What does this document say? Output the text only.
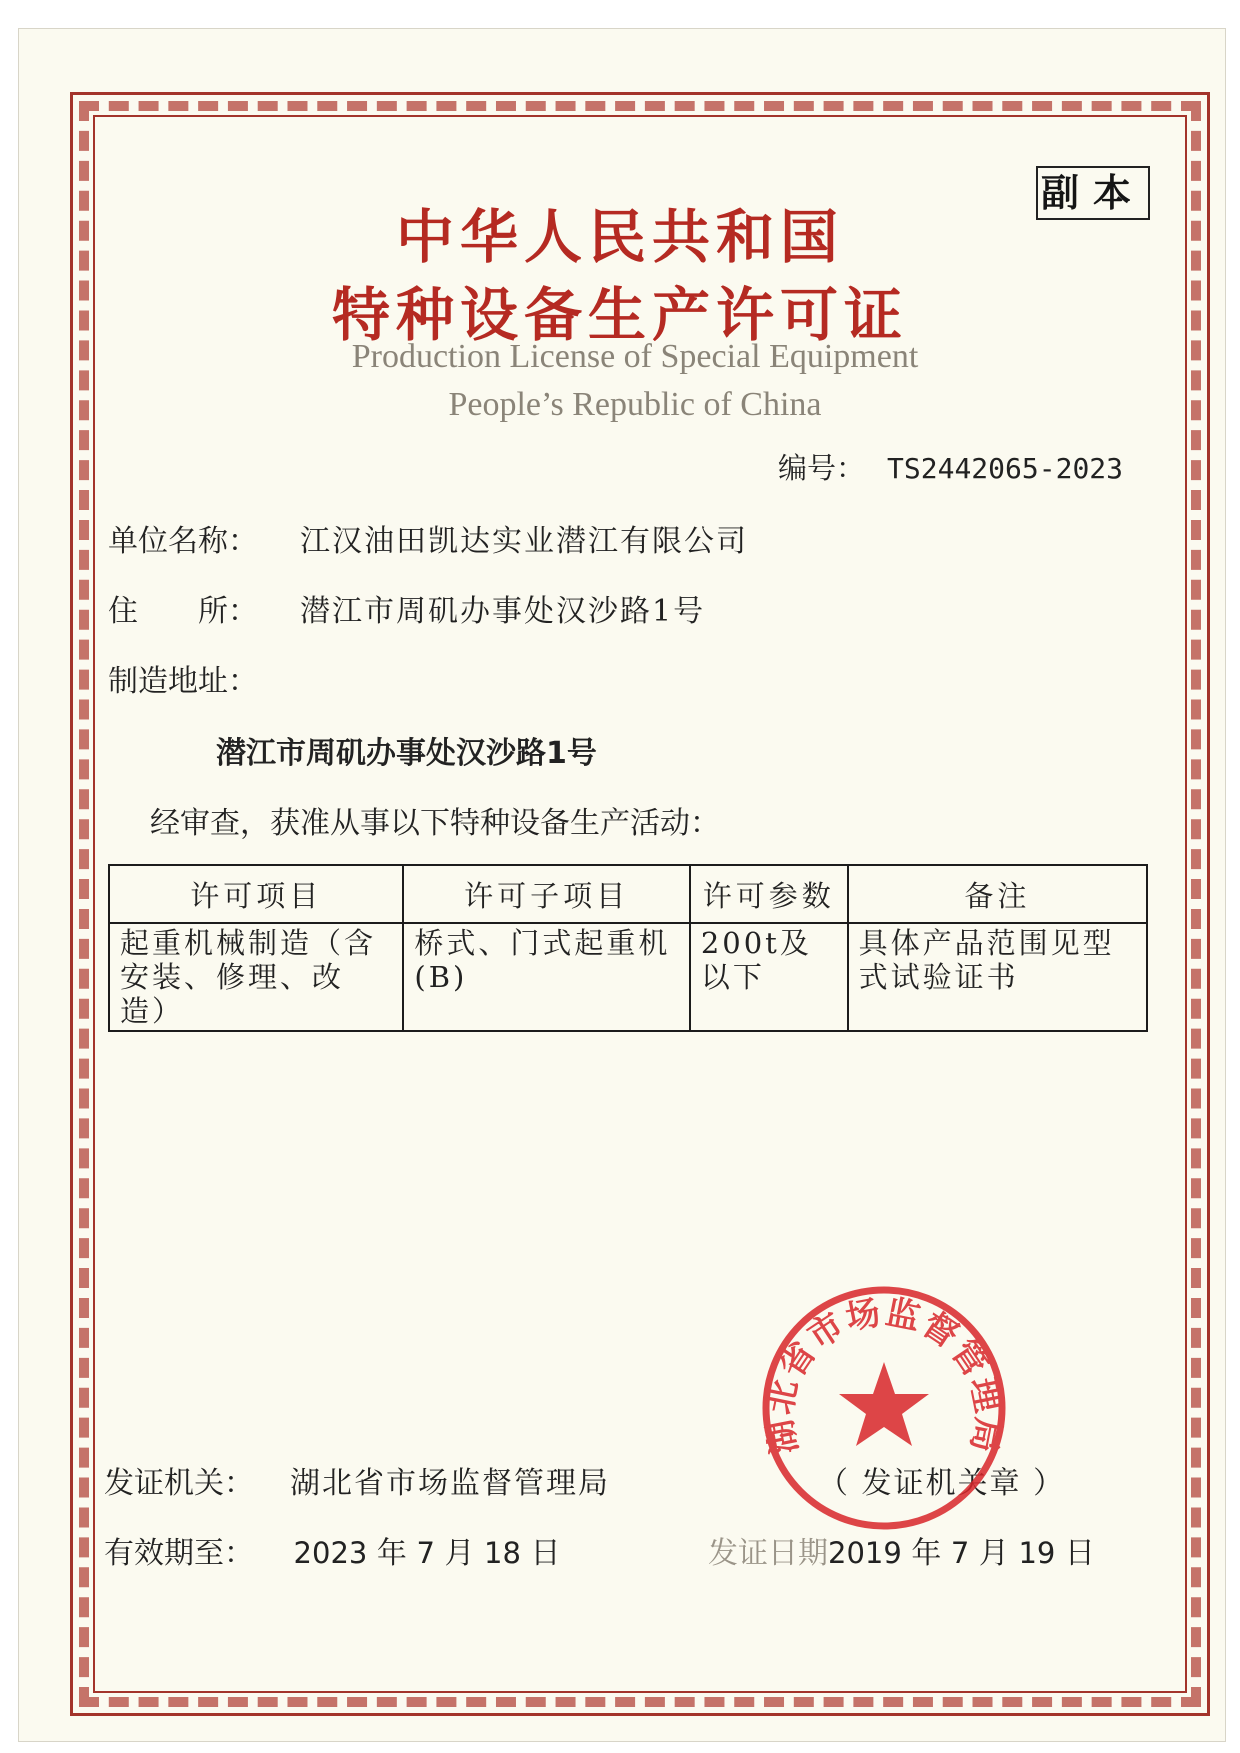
副本
中华人民共和国
特种设备生产许可证
Production License of Special Equipment
People’s Republic of China
编号： TS2442065-2023
单位名称： 江汉油田凯达实业潜江有限公司
住　　所： 潜江市周矶办事处汉沙路1号
制造地址：
潜江市周矶办事处汉沙路1号
经审查，获准从事以下特种设备生产活动：
许可项目	许可子项目	许可参数	备注
起重机械制造（含安装、修理、改造）	桥式、门式起重机(B)	200t及以下	具体产品范围见型式试验证书
发证机关： 湖北省市场监督管理局	（ 发证机关章 ）
有效期至： 2023 年 7 月 18 日	发证日期2019 年 7 月 19 日
湖北省市场监督管理局
